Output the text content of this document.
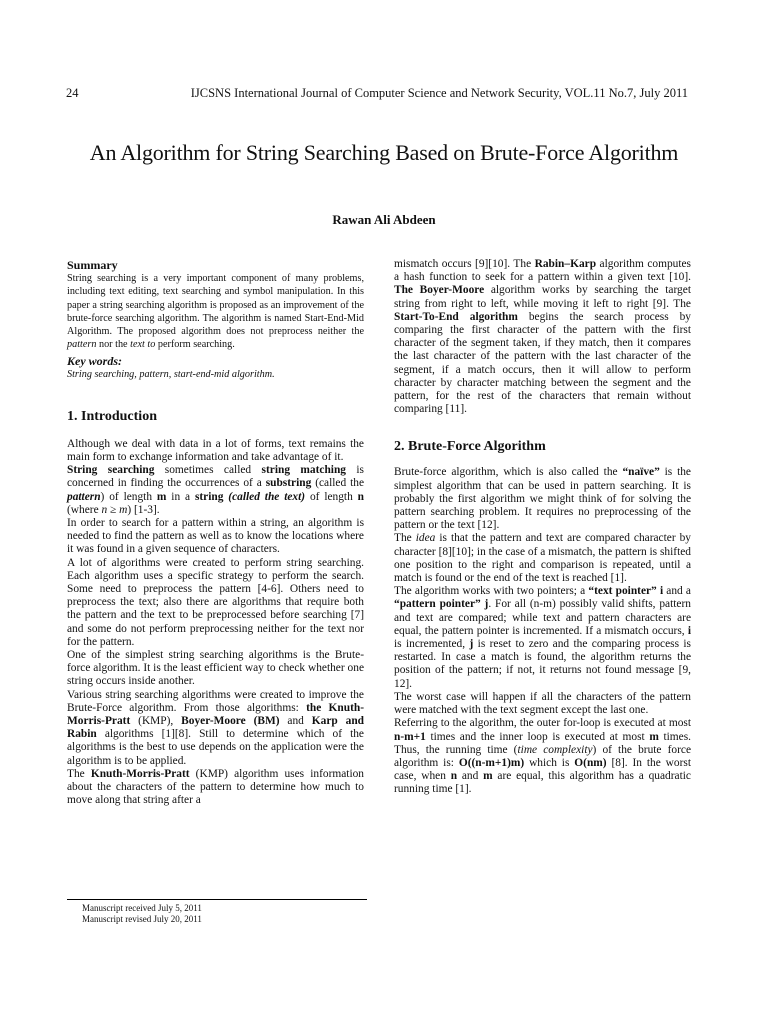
24	IJCSNS International Journal of Computer Science and Network Security, VOL.11 No.7, July 2011
An Algorithm for String Searching Based on Brute-Force Algorithm
Rawan Ali Abdeen

Summary

String searching is a very important component of many problems, including text editing, text searching and symbol manipulation. In this paper a string searching algorithm is proposed as an improvement of the brute-force searching algorithm. The algorithm is named Start-End-Mid Algorithm. The proposed algorithm does not preprocess neither the pattern nor the text to perform searching.

Key words:

String searching, pattern, start-end-mid algorithm.

1. Introduction

Although we deal with data in a lot of forms, text remains the main form to exchange information and take advantage of it.

String searching sometimes called string matching is concerned in finding the occurrences of a substring (called the pattern) of length m in a string (called the text) of length n (where n ≥ m) [1-3].

In order to search for a pattern within a string, an algorithm is needed to find the pattern as well as to know the locations where it was found in a given sequence of characters.

A lot of algorithms were created to perform string searching. Each algorithm uses a specific strategy to perform the search. Some need to preprocess the pattern [4-6]. Others need to preprocess the text; also there are algorithms that require both the pattern and the text to be preprocessed before searching [7] and some do not perform preprocessing neither for the text nor for the pattern.

One of the simplest string searching algorithms is the Brute-force algorithm. It is the least efficient way to check whether one string occurs inside another.

Various string searching algorithms were created to improve the Brute-Force algorithm. From those algorithms: the Knuth-Morris-Pratt (KMP), Boyer-Moore (BM) and Karp and Rabin algorithms [1][8]. Still to determine which of the algorithms is the best to use depends on the application were the algorithm is to be applied.

The Knuth-Morris-Pratt (KMP) algorithm uses information about the characters of the pattern to determine how much to move along that string after a

mismatch occurs [9][10]. The Rabin–Karp algorithm computes a hash function to seek for a pattern within a given text [10]. The Boyer-Moore algorithm works by searching the target string from right to left, while moving it left to right [9]. The Start-To-End algorithm begins the search process by comparing the first character of the pattern with the first character of the segment taken, if they match, then it compares the last character of the pattern with the last character of the segment, if a match occurs, then it will allow to perform character by character matching between the segment and the pattern, for the rest of the characters that remain without comparing [11].

2. Brute-Force Algorithm

Brute-force algorithm, which is also called the “naïve” is the simplest algorithm that can be used in pattern searching. It is probably the first algorithm we might think of for solving the pattern searching problem. It requires no preprocessing of the pattern or the text [12].

The idea is that the pattern and text are compared character by character [8][10]; in the case of a mismatch, the pattern is shifted one position to the right and comparison is repeated, until a match is found or the end of the text is reached [1].

The algorithm works with two pointers; a “text pointer” i and a “pattern pointer” j. For all (n-m) possibly valid shifts, pattern and text are compared; while text and pattern characters are equal, the pattern pointer is incremented. If a mismatch occurs, i is incremented, j is reset to zero and the comparing process is restarted. In case a match is found, the algorithm returns the position of the pattern; if not, it returns not found message [9, 12].

The worst case will happen if all the characters of the pattern were matched with the text segment except the last one.

Referring to the algorithm, the outer for-loop is executed at most n-m+1 times and the inner loop is executed at most m times. Thus, the running time (time complexity) of the brute force algorithm is: O((n-m+1)m) which is O(nm) [8]. In the worst case, when n and m are equal, this algorithm has a quadratic running time [1].

Manuscript received July 5, 2011
Manuscript revised July 20, 2011
